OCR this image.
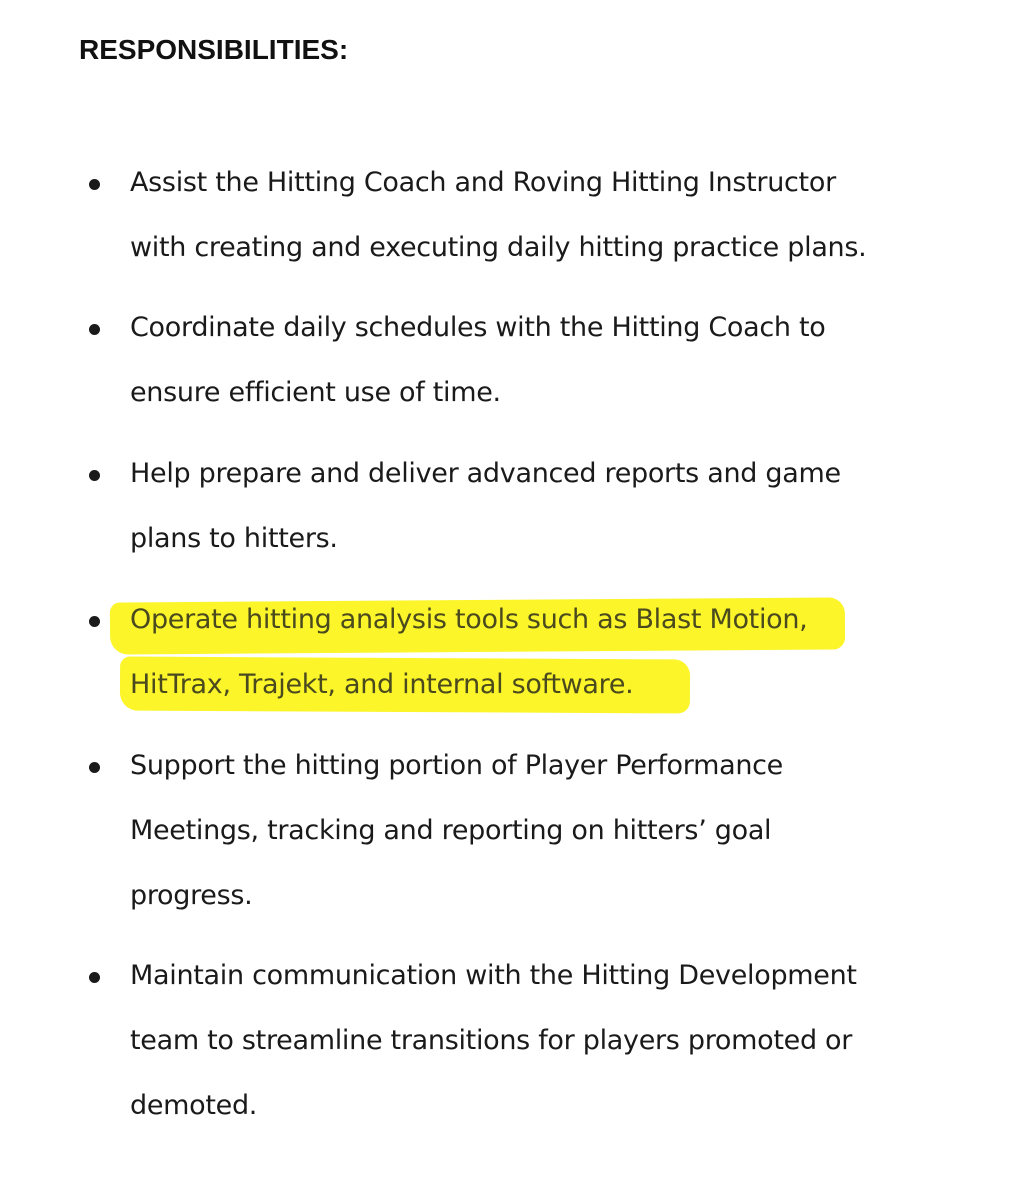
RESPONSIBILITIES:
Assist the Hitting Coach and Roving Hitting Instructor
with creating and executing daily hitting practice plans.
Coordinate daily schedules with the Hitting Coach to
ensure efficient use of time.
Help prepare and deliver advanced reports and game
plans to hitters.
Operate hitting analysis tools such as Blast Motion,
HitTrax, Trajekt, and internal software.
Support the hitting portion of Player Performance
Meetings, tracking and reporting on hitters’ goal
progress.
Maintain communication with the Hitting Development
team to streamline transitions for players promoted or
demoted.
